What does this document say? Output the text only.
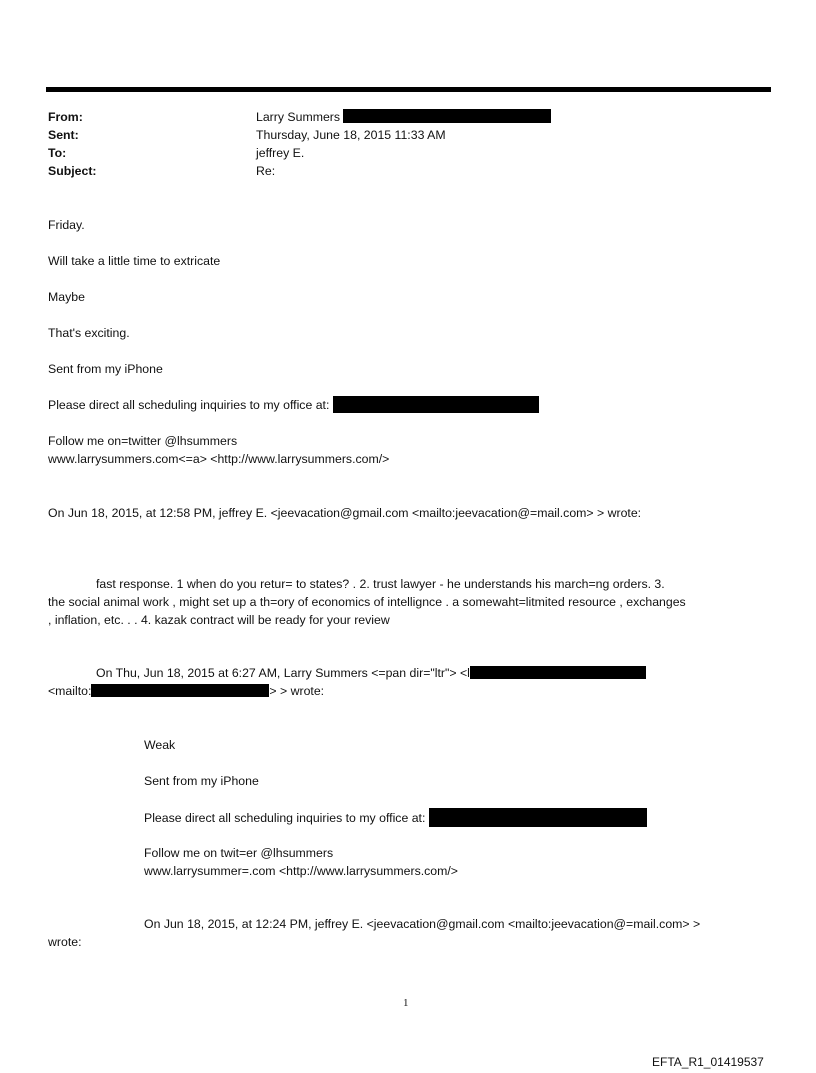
From:	Larry Summers
Sent:	Thursday, June 18, 2015 11:33 AM
To:	jeffrey E.
Subject:	Re:
Friday.
Will take a little time to extricate
Maybe
That's exciting.
Sent from my iPhone
Please direct all scheduling inquiries to my office at:
Follow me on=twitter @lhsummers
www.larrysummers.com<=a> <http://www.larrysummers.com/>
On Jun 18, 2015, at 12:58 PM, jeffrey E. <jeevacation@gmail.com <mailto:jeevacation@=mail.com> > wrote:
fast response. 1 when do you retur= to states? . 2. trust lawyer - he understands his march=ng orders. 3.
the social animal work , might set up a th=ory of economics of intellignce . a somewaht=litmited resource , exchanges
, inflation, etc. . . 4. kazak contract will be ready for your review
On Thu, Jun 18, 2015 at 6:27 AM, Larry Summers <=pan dir="ltr"> <l
<mailto:	> > wrote:
Weak
Sent from my iPhone
Please direct all scheduling inquiries to my office at:
Follow me on twit=er @lhsummers
www.larrysummer=.com <http://www.larrysummers.com/>
On Jun 18, 2015, at 12:24 PM, jeffrey E. <jeevacation@gmail.com <mailto:jeevacation@=mail.com> >
wrote:
1
EFTA_R1_01419537
